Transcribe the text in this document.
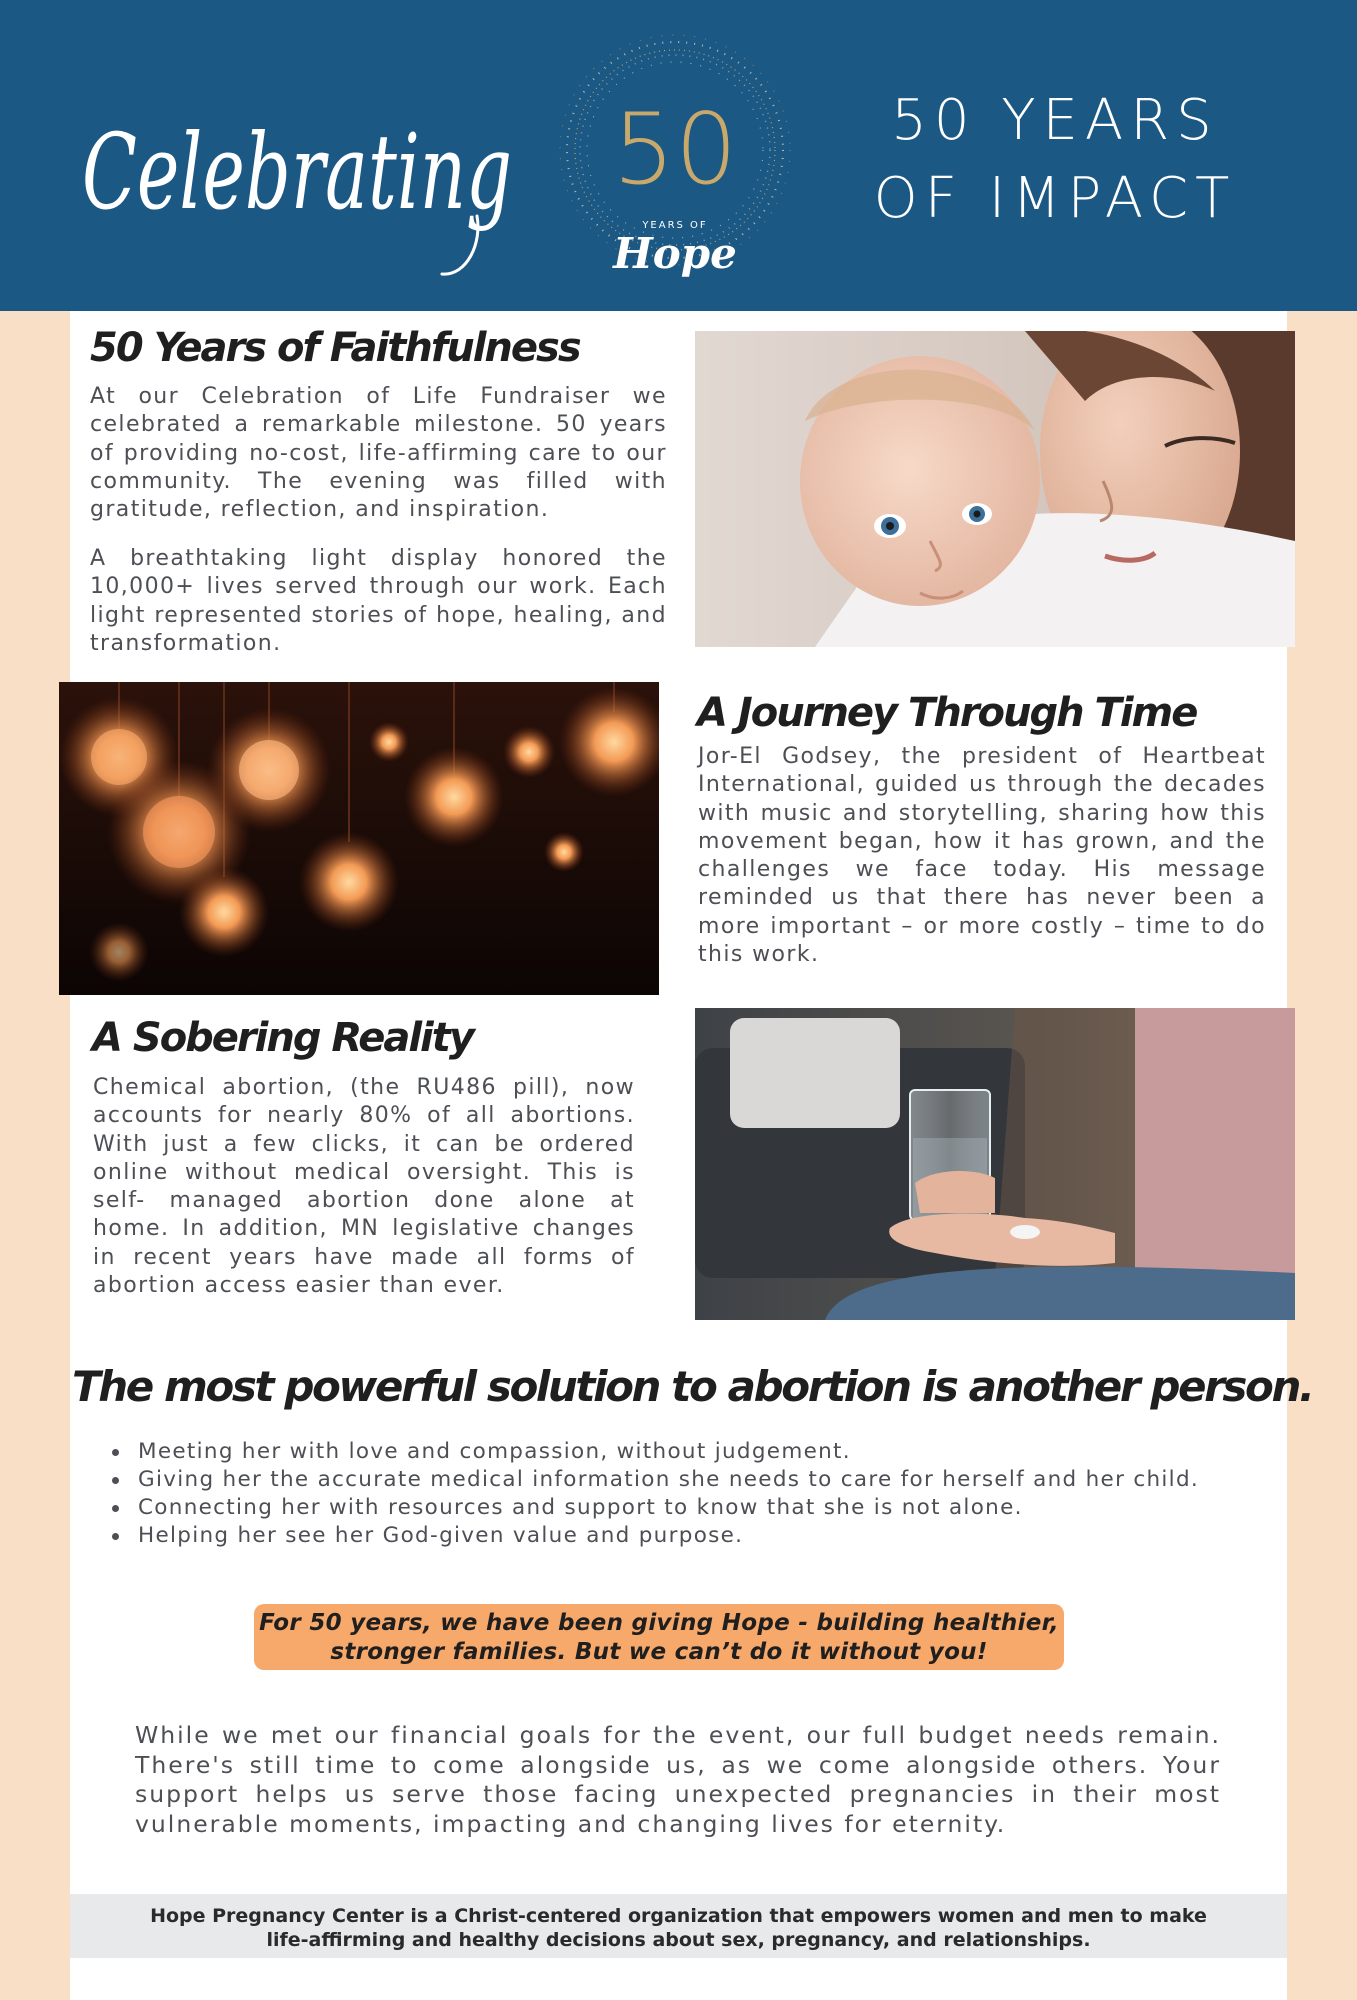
Celebrating 50
YEARS OF
Hope
50 YEARS
OF IMPACT
50 Years of Faithfulness

At our Celebration of Life Fundraiser we celebrated a remarkable milestone. 50 years of providing no-cost, life-affirming care to our community. The evening was filled with gratitude, reflection, and inspiration.

A breathtaking light display honored the 10,000+ lives served through our work. Each light represented stories of hope, healing, and transformation.

A Journey Through Time

Jor-El Godsey, the president of Heartbeat International, guided us through the decades with music and storytelling, sharing how this movement began, how it has grown, and the challenges we face today. His message reminded us that there has never been a more important – or more costly – time to do this work.

A Sobering Reality

Chemical abortion, (the RU486 pill), now accounts for nearly 80% of all abortions. With just a few clicks, it can be ordered online without medical oversight. This is self- managed abortion done alone at home. In addition, MN legislative changes in recent years have made all forms of abortion access easier than ever.

The most powerful solution to abortion is another person.
Meeting her with love and compassion, without judgement.
Giving her the accurate medical information she needs to care for herself and her child.
Connecting her with resources and support to know that she is not alone.
Helping her see her God-given value and purpose.

For 50 years, we have been giving Hope - building healthier,

stronger families. But we can’t do it without you!

While we met our financial goals for the event, our full budget needs remain. There's still time to come alongside us, as we come alongside others. Your support helps us serve those facing unexpected pregnancies in their most vulnerable moments, impacting and changing lives for eternity.

Hope Pregnancy Center is a Christ-centered organization that empowers women and men to make

life-affirming and healthy decisions about sex, pregnancy, and relationships.
